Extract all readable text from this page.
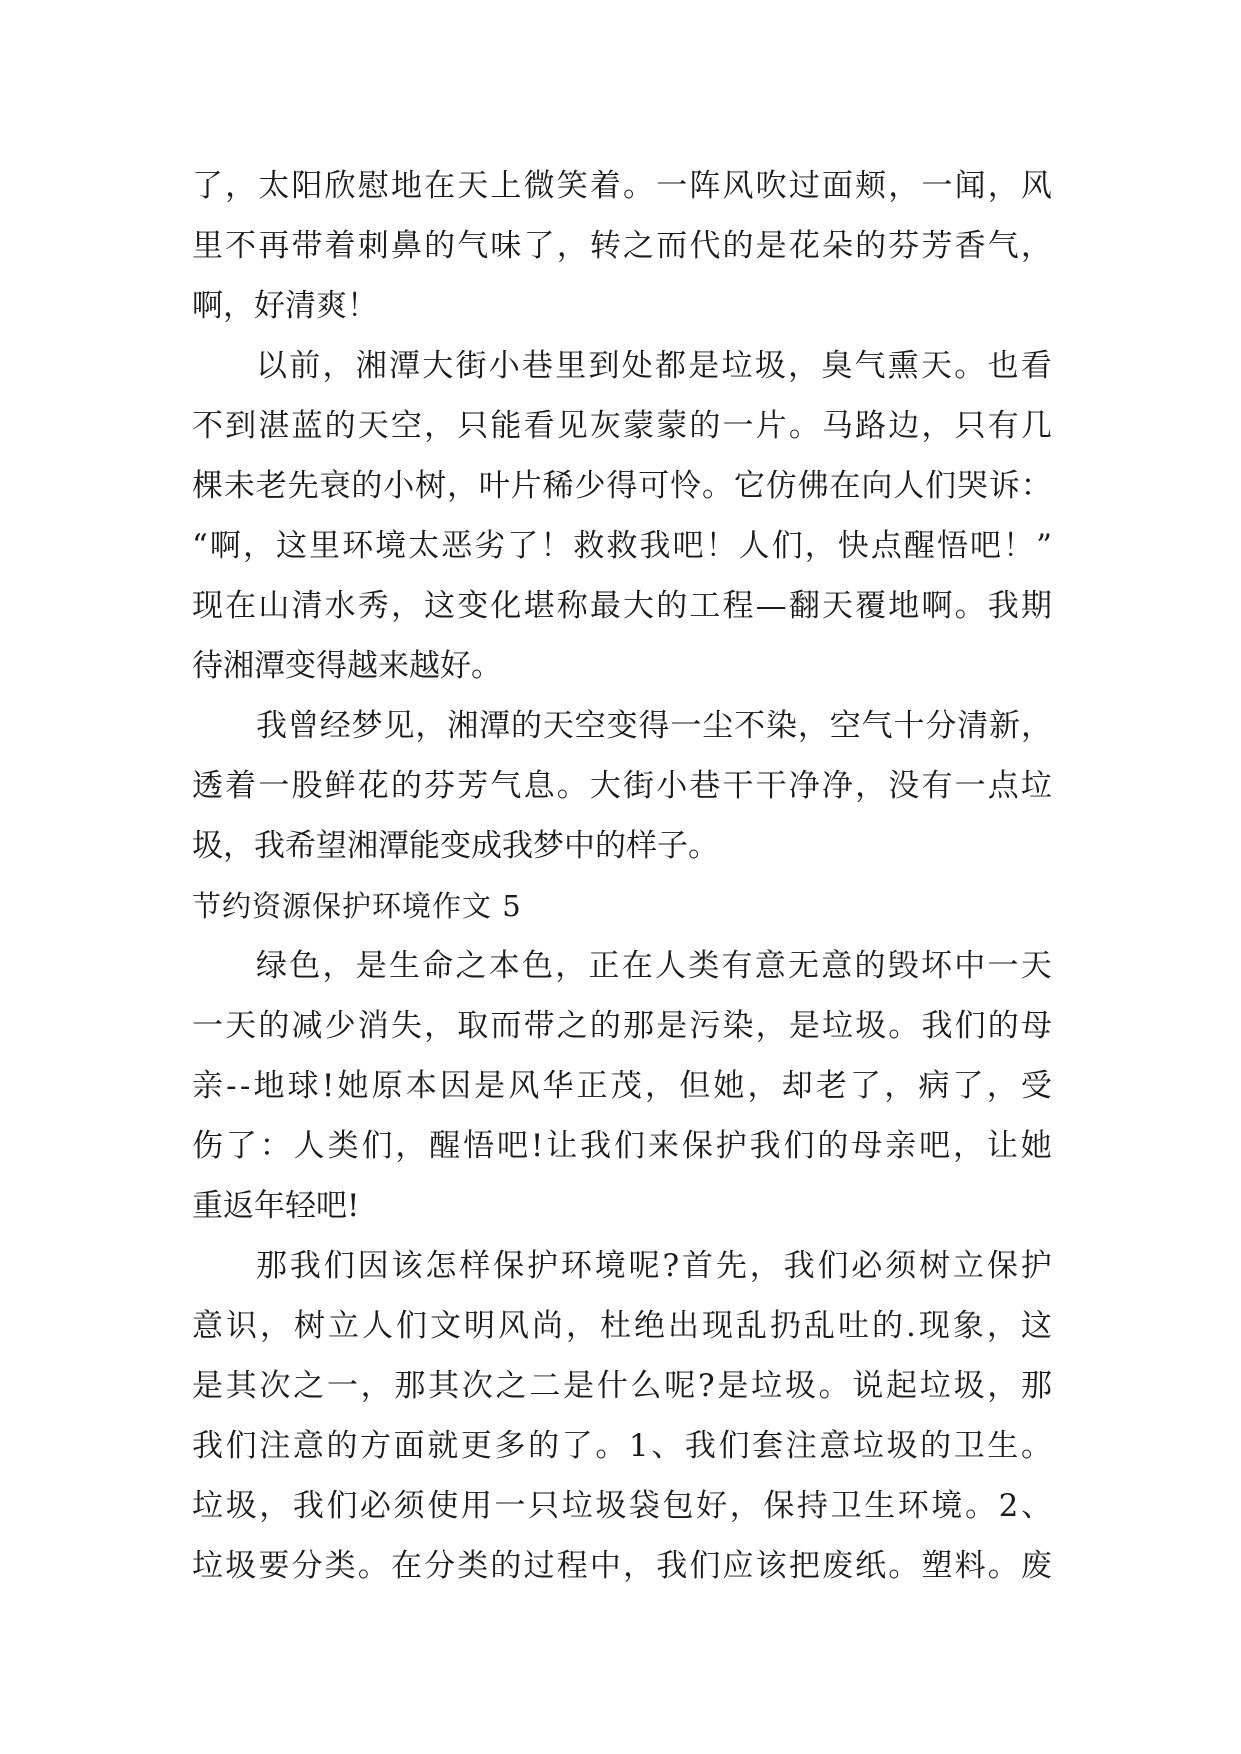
了 ， 太 阳 欣 慰 地 在 天 上 微 笑 着 。 一 阵 风 吹 过 面 颊 ， 一 闻 ， 风
里 不 再 带 着 刺 鼻 的 气 味 了 ， 转 之 而 代 的 是 花 朵 的 芬 芳 香 气 ，
啊，好清爽！
以 前 ， 湘 潭 大 街 小 巷 里 到 处 都 是 垃 圾 ， 臭 气 熏 天 。 也 看
不 到 湛 蓝 的 天 空 ， 只 能 看 见 灰 蒙 蒙 的 一 片 。 马 路 边 ， 只 有 几
棵 未 老 先 衰 的 小 树 ， 叶 片 稀 少 得 可 怜 。 它 仿 佛 在 向 人 们 哭 诉 ：
“ 啊 ， 这 里 环 境 太 恶 劣 了 ！ 救 救 我 吧 ！ 人 们 ， 快 点 醒 悟 吧 ！ ”
现 在 山 清 水 秀 ， 这 变 化 堪 称 最 大 的 工 程 — 翻 天 覆 地 啊 。 我 期
待湘潭变得越来越好。
我 曾 经 梦 见 ， 湘 潭 的 天 空 变 得 一 尘 不 染 ， 空 气 十 分 清 新 ，
透 着 一 股 鲜 花 的 芬 芳 气 息 。 大 街 小 巷 干 干 净 净 ， 没 有 一 点 垃
圾，我希望湘潭能变成我梦中的样子。
节约资源保护环境作文 5
绿 色 ， 是 生 命 之 本 色 ， 正 在 人 类 有 意 无 意 的 毁 坏 中 一 天
一 天 的 减 少 消 失 ， 取 而 带 之 的 那 是 污 染 ， 是 垃 圾 。 我 们 的 母
亲 - - 地 球 ! 她 原 本 因 是 风 华 正 茂 ， 但 她 ， 却 老 了 ， 病 了 ， 受
伤 了 ： 人 类 们 ， 醒 悟 吧 ! 让 我 们 来 保 护 我 们 的 母 亲 吧 ， 让 她
重返年轻吧!
那 我 们 因 该 怎 样 保 护 环 境 呢 ? 首 先 ， 我 们 必 须 树 立 保 护
意 识 ， 树 立 人 们 文 明 风 尚 ， 杜 绝 出 现 乱 扔 乱 吐 的 . 现 象 ， 这
是 其 次 之 一 ， 那 其 次 之 二 是 什 么 呢 ? 是 垃 圾 。 说 起 垃 圾 ， 那
我 们 注 意 的 方 面 就 更 多 的 了 。 1 、 我 们 套 注 意 垃 圾 的 卫 生 。
垃 圾 ， 我 们 必 须 使 用 一 只 垃 圾 袋 包 好 ， 保 持 卫 生 环 境 。 2 、
垃 圾 要 分 类 。 在 分 类 的 过 程 中 ， 我 们 应 该 把 废 纸 。 塑 料 。 废
